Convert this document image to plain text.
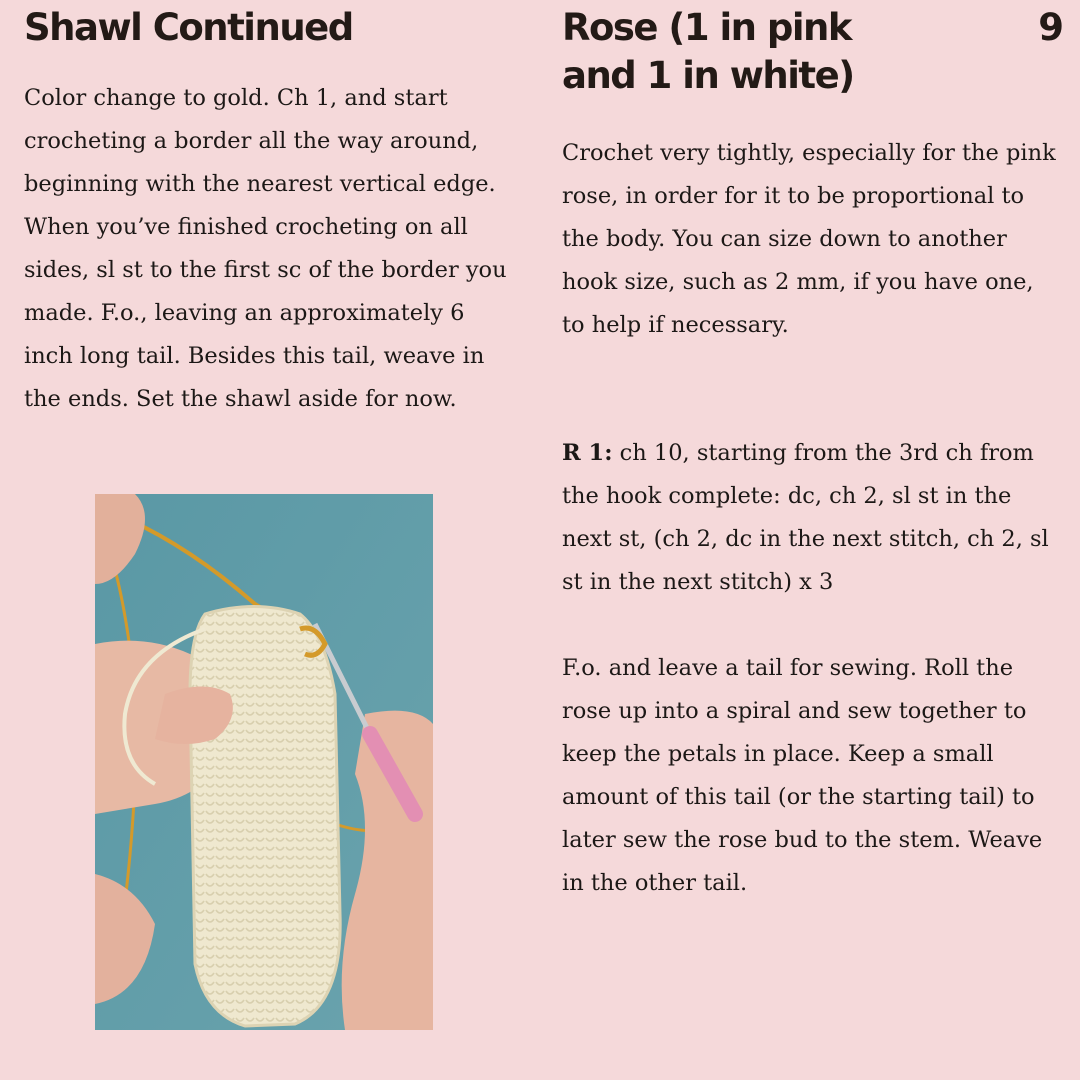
Shawl Continued	Rose (1 in pink and 1 in white)
9

Color change to gold. Ch 1, and start crocheting a border all the way around, beginning with the nearest vertical edge. When you’ve finished crocheting on all sides, sl st to the first sc of the border you made. F.o., leaving an approximately 6 inch long tail. Besides this tail, weave in the ends. Set the shawl aside for now.

Crochet very tightly, especially for the pink rose, in order for it to be proportional to the body. You can size down to another hook size, such as 2 mm, if you have one, to help if necessary.

R 1: ch 10, starting from the 3rd ch from the hook complete: dc, ch 2, sl st in the next st, (ch 2, dc in the next stitch, ch 2, sl st in the next stitch) x 3

F.o. and leave a tail for sewing. Roll the rose up into a spiral and sew together to keep the petals in place. Keep a small amount of this tail (or the starting tail) to later sew the rose bud to the stem. Weave in the other tail.
